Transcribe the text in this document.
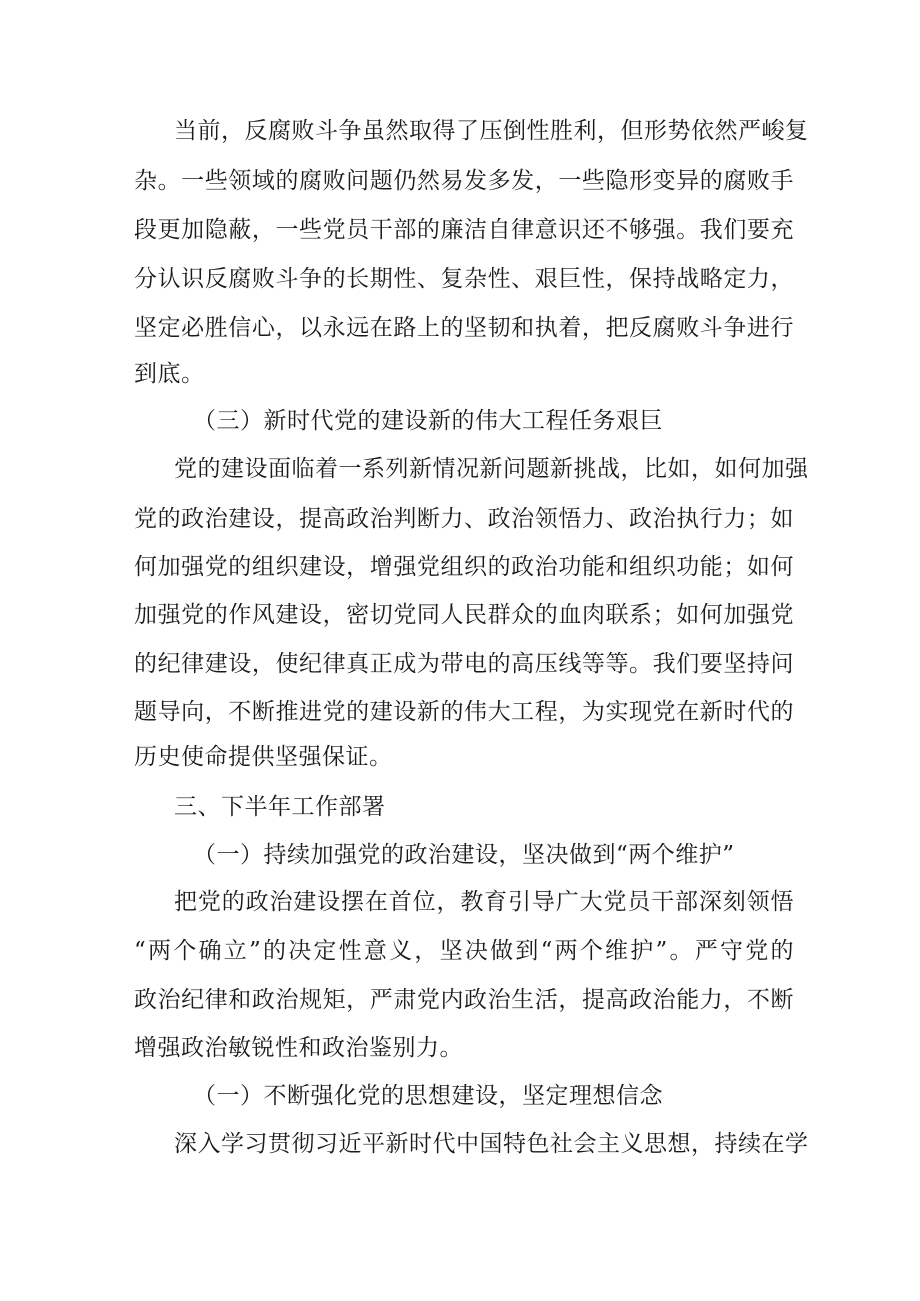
当前，反腐败斗争虽然取得了压倒性胜利，但形势依然严峻复
杂。一些领域的腐败问题仍然易发多发，一些隐形变异的腐败手
段更加隐蔽，一些党员干部的廉洁自律意识还不够强。我们要充
分认识反腐败斗争的长期性、复杂性、艰巨性，保持战略定力，
坚定必胜信心，以永远在路上的坚韧和执着，把反腐败斗争进行
到底。
（三）新时代党的建设新的伟大工程任务艰巨
党的建设面临着一系列新情况新问题新挑战，比如，如何加强
党的政治建设，提高政治判断力、政治领悟力、政治执行力；如
何加强党的组织建设，增强党组织的政治功能和组织功能；如何
加强党的作风建设，密切党同人民群众的血肉联系；如何加强党
的纪律建设，使纪律真正成为带电的高压线等等。我们要坚持问
题导向，不断推进党的建设新的伟大工程，为实现党在新时代的
历史使命提供坚强保证。
三、下半年工作部署
（一）持续加强党的政治建设，坚决做到“两个维护”
把党的政治建设摆在首位，教育引导广大党员干部深刻领悟
“两个确立”的决定性意义，坚决做到“两个维护”。严守党的
政治纪律和政治规矩，严肃党内政治生活，提高政治能力，不断
增强政治敏锐性和政治鉴别力。
（一）不断强化党的思想建设，坚定理想信念
深入学习贯彻习近平新时代中国特色社会主义思想，持续在学
